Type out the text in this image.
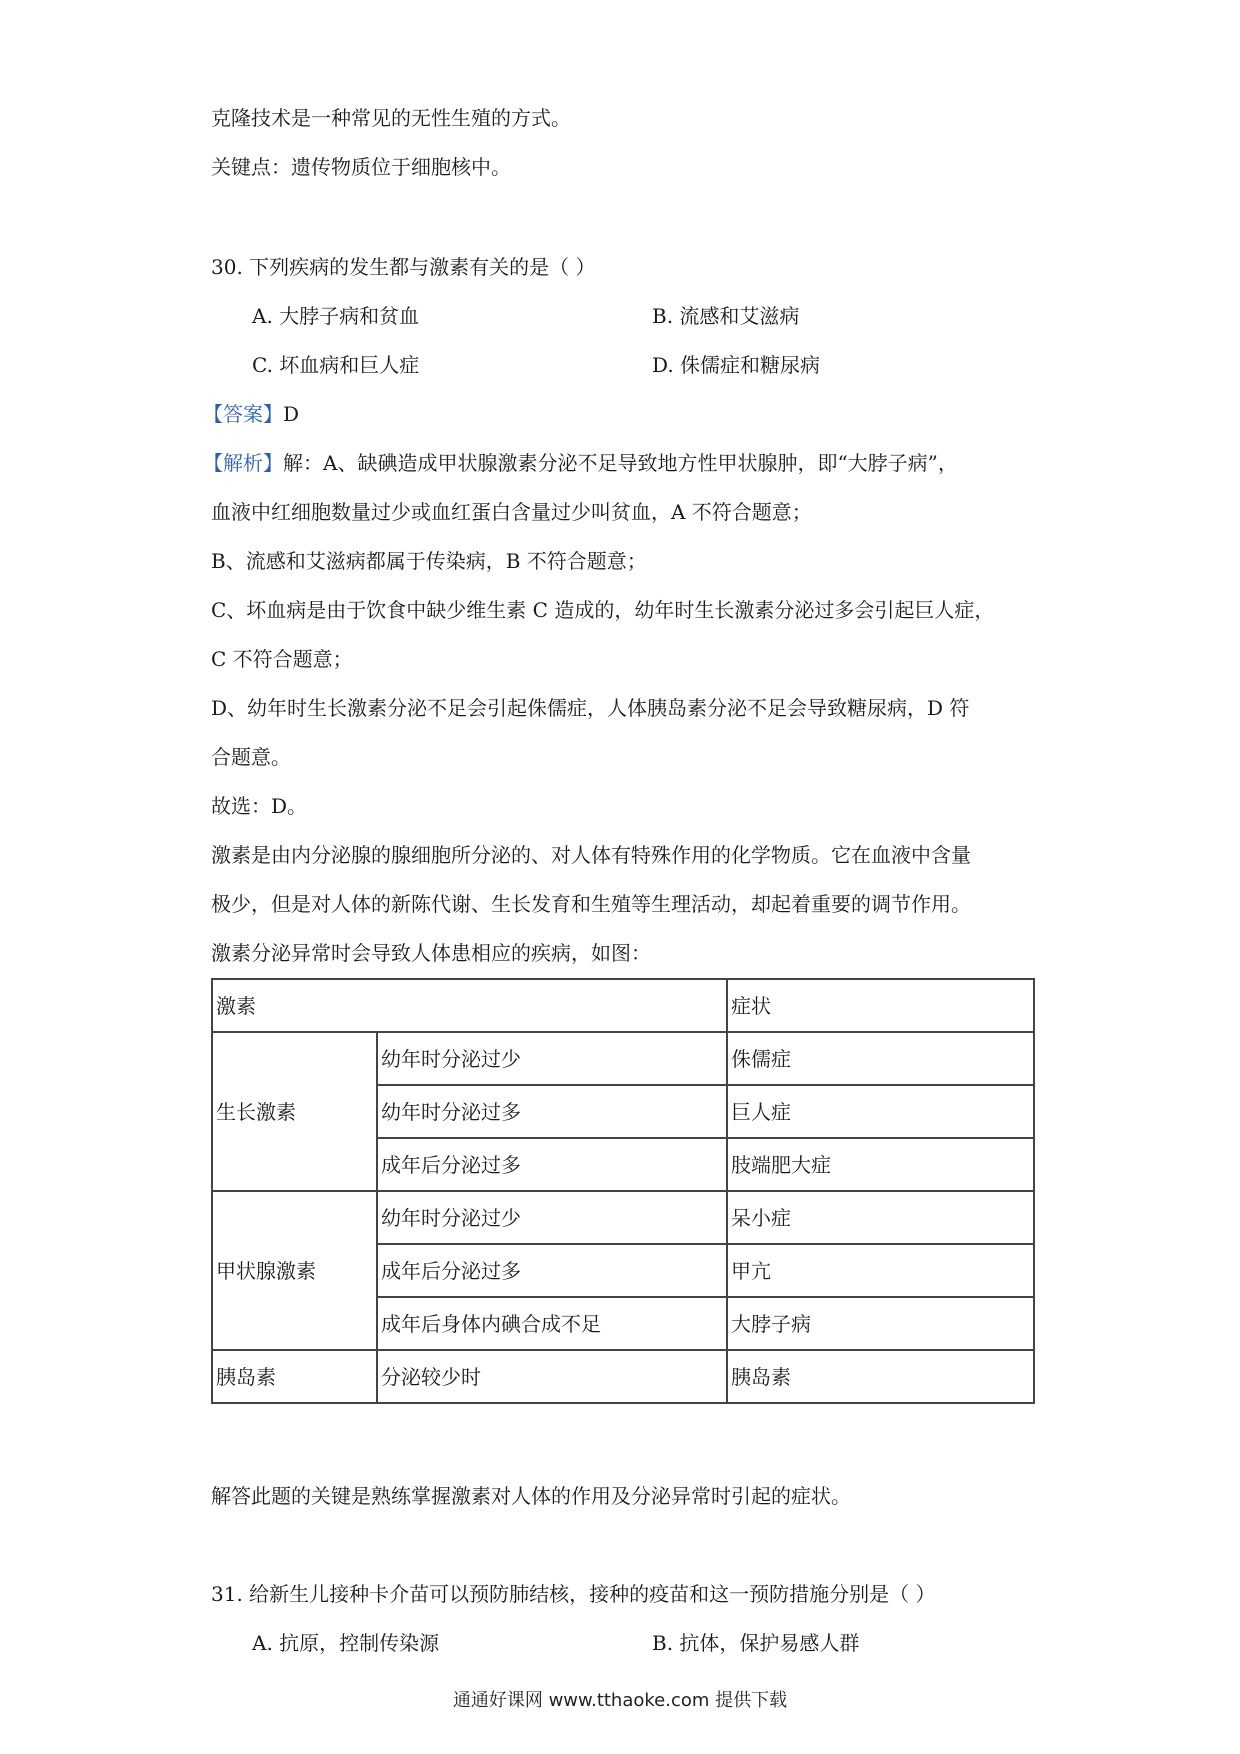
克隆技术是一种常见的无性生殖的方式。
关键点：遗传物质位于细胞核中。
30. 下列疾病的发生都与激素有关的是（ ）
A. 大脖子病和贫血	B. 流感和艾滋病
C. 坏血病和巨人症	D. 侏儒症和糖尿病
【答案】D
【解析】解：A、缺碘造成甲状腺激素分泌不足导致地方性甲状腺肿，即“大脖子病”，
血液中红细胞数量过少或血红蛋白含量过少叫贫血，A 不符合题意；
B、流感和艾滋病都属于传染病，B 不符合题意；
C、坏血病是由于饮食中缺少维生素 C 造成的，幼年时生长激素分泌过多会引起巨人症，
C 不符合题意；
D、幼年时生长激素分泌不足会引起侏儒症，人体胰岛素分泌不足会导致糖尿病，D 符
合题意。
故选：D。
激素是由内分泌腺的腺细胞所分泌的、对人体有特殊作用的化学物质。它在血液中含量
极少，但是对人体的新陈代谢、生长发育和生殖等生理活动，却起着重要的调节作用。
激素分泌异常时会导致人体患相应的疾病，如图：
激素		症状
生长激素	幼年时分泌过少	侏儒症
	幼年时分泌过多	巨人症
	成年后分泌过多	肢端肥大症
甲状腺激素	幼年时分泌过少	呆小症
	成年后分泌过多	甲亢
	成年后身体内碘合成不足	大脖子病
胰岛素	分泌较少时	胰岛素
解答此题的关键是熟练掌握激素对人体的作用及分泌异常时引起的症状。
31. 给新生儿接种卡介苗可以预防肺结核，接种的疫苗和这一预防措施分别是（ ）
A. 抗原，控制传染源	B. 抗体，保护易感人群
通通好课网 www.tthaoke.com 提供下载
